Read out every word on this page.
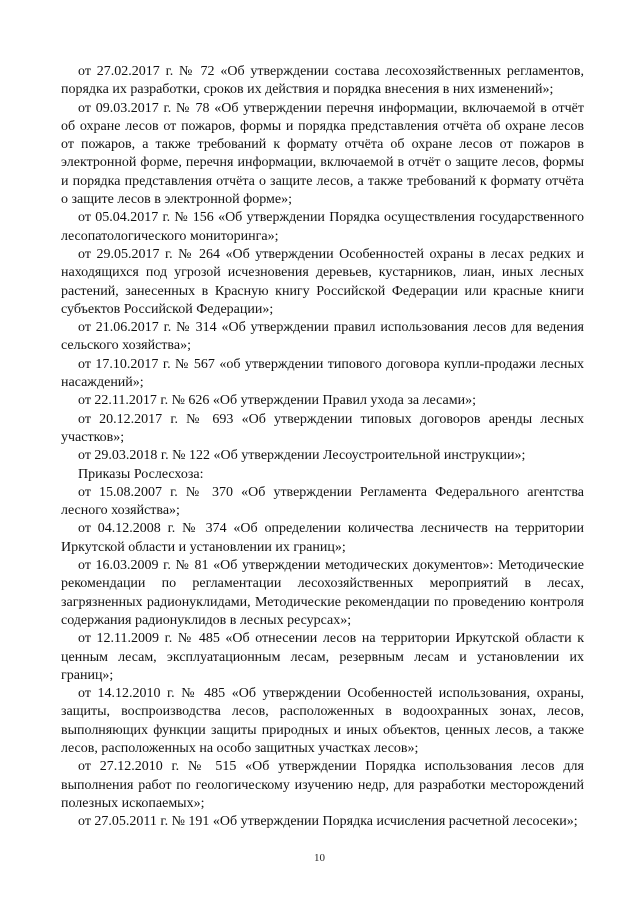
от 27.02.2017 г. № 72 «Об утверждении состава лесохозяйственных регламентов, порядка их разработки, сроков их действия и порядка внесения в них изменений»;

от 09.03.2017 г. № 78 «Об утверждении перечня информации, включаемой в отчёт об охране лесов от пожаров, формы и порядка представления отчёта об охране лесов от пожаров, а также требований к формату отчёта об охране лесов от пожаров в электронной форме, перечня информации, включаемой в отчёт о защите лесов, формы и порядка представления отчёта о защите лесов, а также требований к формату отчёта о защите лесов в электронной форме»;

от 05.04.2017 г. № 156 «Об утверждении Порядка осуществления государственного лесопатологического мониторинга»;

от 29.05.2017 г. № 264 «Об утверждении Особенностей охраны в лесах редких и находящихся под угрозой исчезновения деревьев, кустарников, лиан, иных лесных растений, занесенных в Красную книгу Российской Федерации или красные книги субъектов Российской Федерации»;

от 21.06.2017 г. № 314 «Об утверждении правил использования лесов для ведения сельского хозяйства»;

от 17.10.2017 г. № 567 «об утверждении типового договора купли-продажи лесных насаждений»;

от 22.11.2017 г. № 626 «Об утверждении Правил ухода за лесами»;

от 20.12.2017 г. № 693 «Об утверждении типовых договоров аренды лесных участков»;

от 29.03.2018 г. № 122 «Об утверждении Лесоустроительной инструкции»;

Приказы Рослесхоза:

от 15.08.2007 г. № 370 «Об утверждении Регламента Федерального агентства лесного хозяйства»;

от 04.12.2008 г. № 374 «Об определении количества лесничеств на территории Иркутской области и установлении их границ»;

от 16.03.2009 г. № 81 «Об утверждении методических документов»: Методические рекомендации по регламентации лесохозяйственных мероприятий в лесах, загрязненных радионуклидами, Методические рекомендации по проведению контроля содержания радионуклидов в лесных ресурсах»;

от 12.11.2009 г. № 485 «Об отнесении лесов на территории Иркутской области к ценным лесам, эксплуатационным лесам, резервным лесам и установлении их границ»;

от 14.12.2010 г. № 485 «Об утверждении Особенностей использования, охраны, защиты, воспроизводства лесов, расположенных в водоохранных зонах, лесов, выполняющих функции защиты природных и иных объектов, ценных лесов, а также лесов, расположенных на особо защитных участках лесов»;

от 27.12.2010 г. № 515 «Об утверждении Порядка использования лесов для выполнения работ по геологическому изучению недр, для разработки месторождений полезных ископаемых»;

от 27.05.2011 г. № 191 «Об утверждении Порядка исчисления расчетной лесосеки»;

10
